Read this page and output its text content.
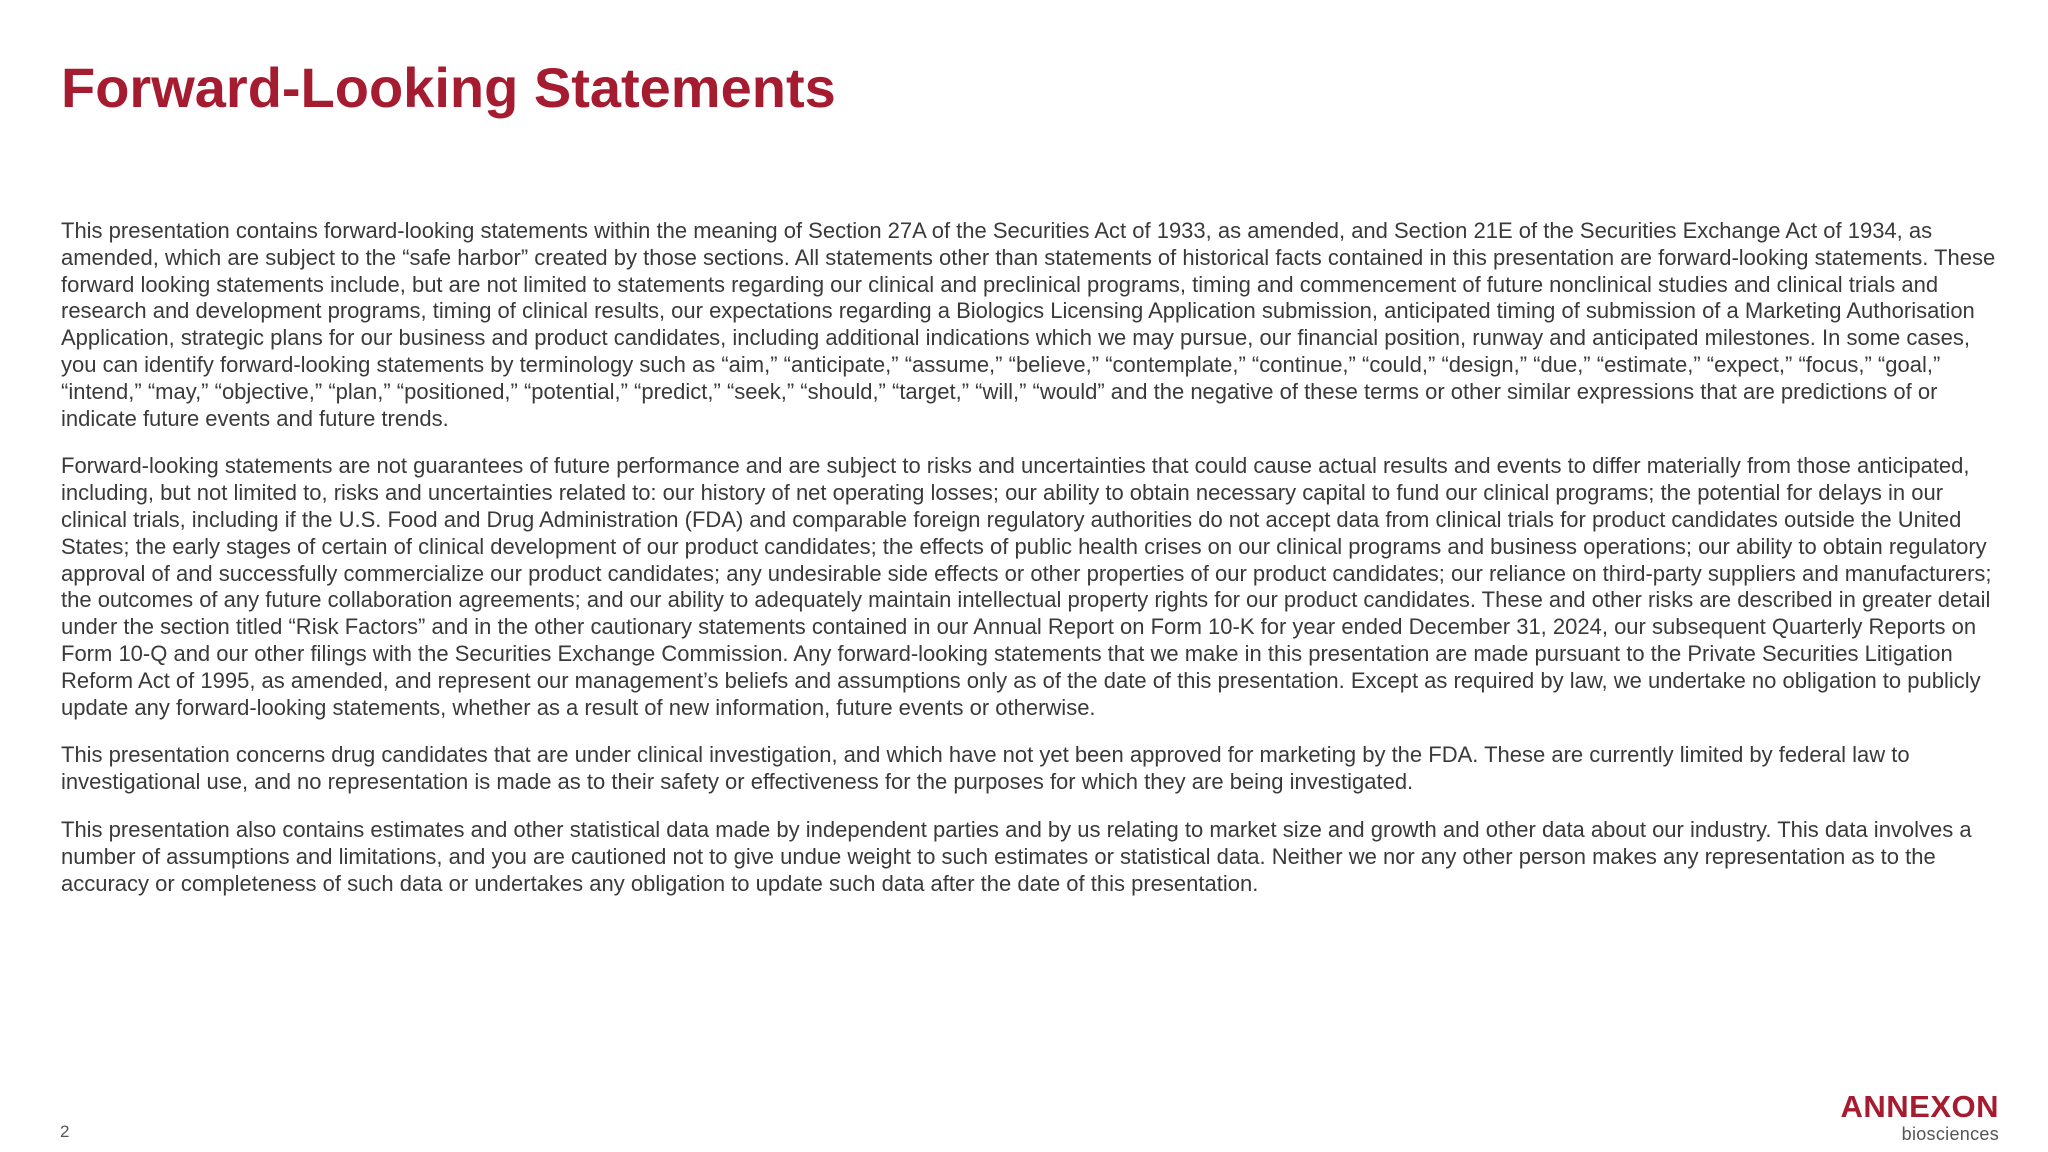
Forward-Looking Statements

This presentation contains forward-looking statements within the meaning of Section 27A of the Securities Act of 1933, as amended, and Section 21E of the Securities Exchange Act of 1934, as amended, which are subject to the “safe harbor” created by those sections. All statements other than statements of historical facts contained in this presentation are forward-looking statements. These forward looking statements include, but are not limited to statements regarding our clinical and preclinical programs, timing and commencement of future nonclinical studies and clinical trials and research and development programs, timing of clinical results, our expectations regarding a Biologics Licensing Application submission, anticipated timing of submission of a Marketing Authorisation Application, strategic plans for our business and product candidates, including additional indications which we may pursue, our financial position, runway and anticipated milestones. In some cases, you can identify forward-looking statements by terminology such as “aim,” “anticipate,” “assume,” “believe,” “contemplate,” “continue,” “could,” “design,” “due,” “estimate,” “expect,” “focus,” “goal,” “intend,” “may,” “objective,” “plan,” “positioned,” “potential,” “predict,” “seek,” “should,” “target,” “will,” “would” and the negative of these terms or other similar expressions that are predictions of or indicate future events and future trends.

Forward-looking statements are not guarantees of future performance and are subject to risks and uncertainties that could cause actual results and events to differ materially from those anticipated, including, but not limited to, risks and uncertainties related to: our history of net operating losses; our ability to obtain necessary capital to fund our clinical programs; the potential for delays in our clinical trials, including if the U.S. Food and Drug Administration (FDA) and comparable foreign regulatory authorities do not accept data from clinical trials for product candidates outside the United States; the early stages of certain of clinical development of our product candidates; the effects of public health crises on our clinical programs and business operations; our ability to obtain regulatory approval of and successfully commercialize our product candidates; any undesirable side effects or other properties of our product candidates; our reliance on third-party suppliers and manufacturers; the outcomes of any future collaboration agreements; and our ability to adequately maintain intellectual property rights for our product candidates. These and other risks are described in greater detail under the section titled “Risk Factors” and in the other cautionary statements contained in our Annual Report on Form 10-K for year ended December 31, 2024, our subsequent Quarterly Reports on Form 10-Q and our other filings with the Securities Exchange Commission. Any forward-looking statements that we make in this presentation are made pursuant to the Private Securities Litigation Reform Act of 1995, as amended, and represent our management’s beliefs and assumptions only as of the date of this presentation. Except as required by law, we undertake no obligation to publicly update any forward-looking statements, whether as a result of new information, future events or otherwise.

This presentation concerns drug candidates that are under clinical investigation, and which have not yet been approved for marketing by the FDA. These are currently limited by federal law to investigational use, and no representation is made as to their safety or effectiveness for the purposes for which they are being investigated.

This presentation also contains estimates and other statistical data made by independent parties and by us relating to market size and growth and other data about our industry. This data involves a number of assumptions and limitations, and you are cautioned not to give undue weight to such estimates or statistical data. Neither we nor any other person makes any representation as to the accuracy or completeness of such data or undertakes any obligation to update such data after the date of this presentation.

2
ANNEXON
biosciences
